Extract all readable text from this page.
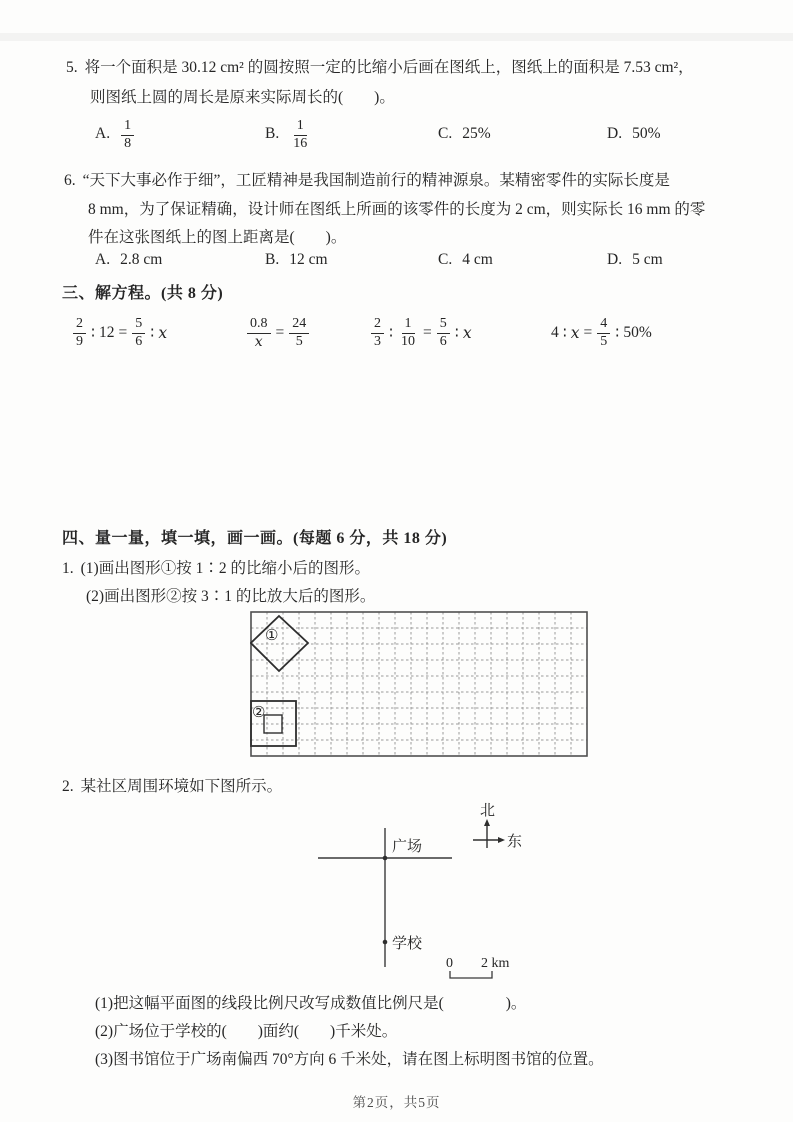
5. 将一个面积是 30.12 cm² 的圆按照一定的比缩小后画在图纸上，图纸上的面积是 7.53 cm²，
则图纸上圆的周长是原来实际周长的(　　)。
A. $\frac{1}{8}$	B. $\frac{1}{16}$	C. 25%	D. 50%
6. “天下大事必作于细”，工匠精神是我国制造前行的精神源泉。某精密零件的实际长度是
8 mm，为了保证精确，设计师在图纸上所画的该零件的长度为 2 cm，则实际长 16 mm 的零
件在这张图纸上的图上距离是(　　)。
A. 2.8 cm	B. 12 cm	C. 4 cm	D. 5 cm
三、解方程。(共 8 分)
$\frac{2}{9}$ ∶ $12 = \frac{5}{6}$ ∶ x	$\frac{0.8}{x} = \frac{24}{5}$	$\frac{2}{3}$ ∶ $\frac{1}{10} = \frac{5}{6}$ ∶ x	4 ∶ $x = \frac{4}{5}$ ∶ 50%
四、量一量，填一填，画一画。(每题 6 分，共 18 分)
1. (1)画出图形①按 1∶2 的比缩小后的图形。
(2)画出图形②按 3∶1 的比放大后的图形。
①
②
2. 某社区周围环境如下图所示。
北
东
广场
学校
0 2 km
(1)把这幅平面图的线段比例尺改写成数值比例尺是(　　　　)。
(2)广场位于学校的(　　)面约(　　)千米处。
(3)图书馆位于广场南偏西 70°方向 6 千米处，请在图上标明图书馆的位置。
第2页，共5页
